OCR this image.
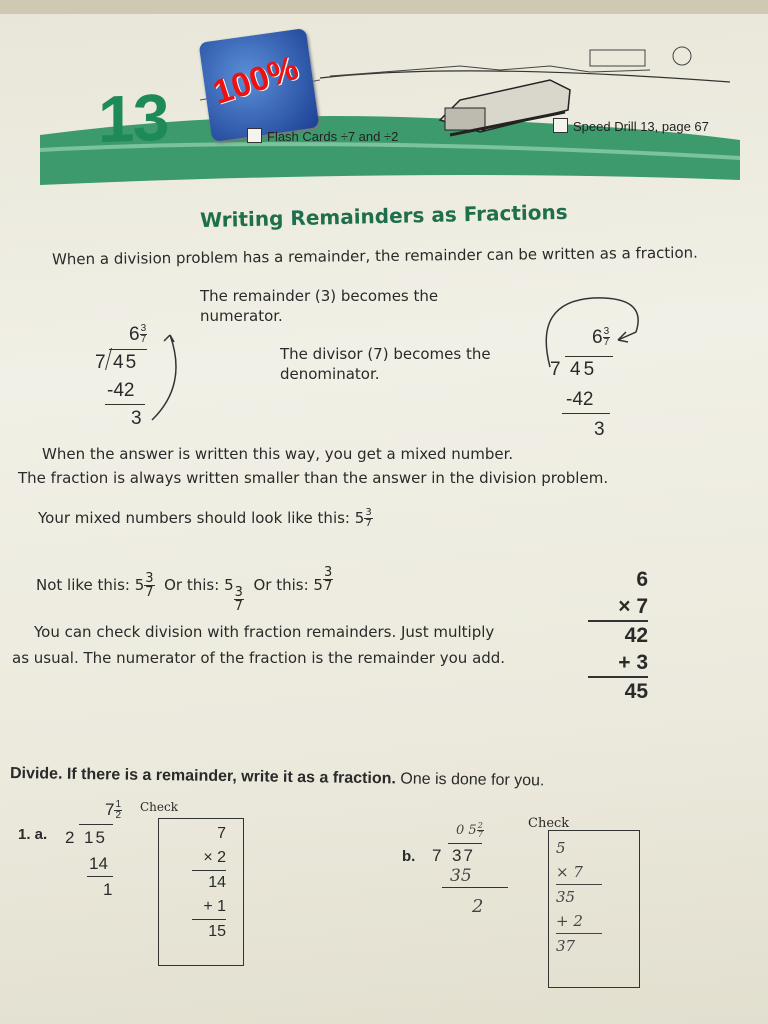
13 100%
Flash Cards ÷7 and ÷2
Speed Drill 13, page 67
Writing Remainders as Fractions
When a division problem has a remainder, the remainder can be written as a fraction.
$6 \frac{3}{7}$
7 45
-42
3
The remainder (3) becomes the
numerator.
The divisor (7) becomes the
denominator.
$6 \frac{3}{7}$
7 45
-42
3
When the answer is written this way, you get a mixed number.
The fraction is always written smaller than the answer in the division problem.
Your mixed numbers should look like this: $5 \frac{3}{7}$
Not like this: $5 \frac{3}{7}$ Or this: 5
$\frac{3}{7}$
Or this: $5 \frac{3}{7}$	6
× 7
42
+ 3
45
You can check division with fraction remainders. Just multiply
as usual. The numerator of the fraction is the remainder you add.
Divide. If there is a remainder, write it as a fraction. One is done for you.
1. a.
$7 \frac{1}{2}$
2 15
14
1
Check
7
× 2
14
+ 1
15
b.
0 $5 \frac{2}{7}$
7 37
35
2
Check
5
× 7
35
+ 2
37
